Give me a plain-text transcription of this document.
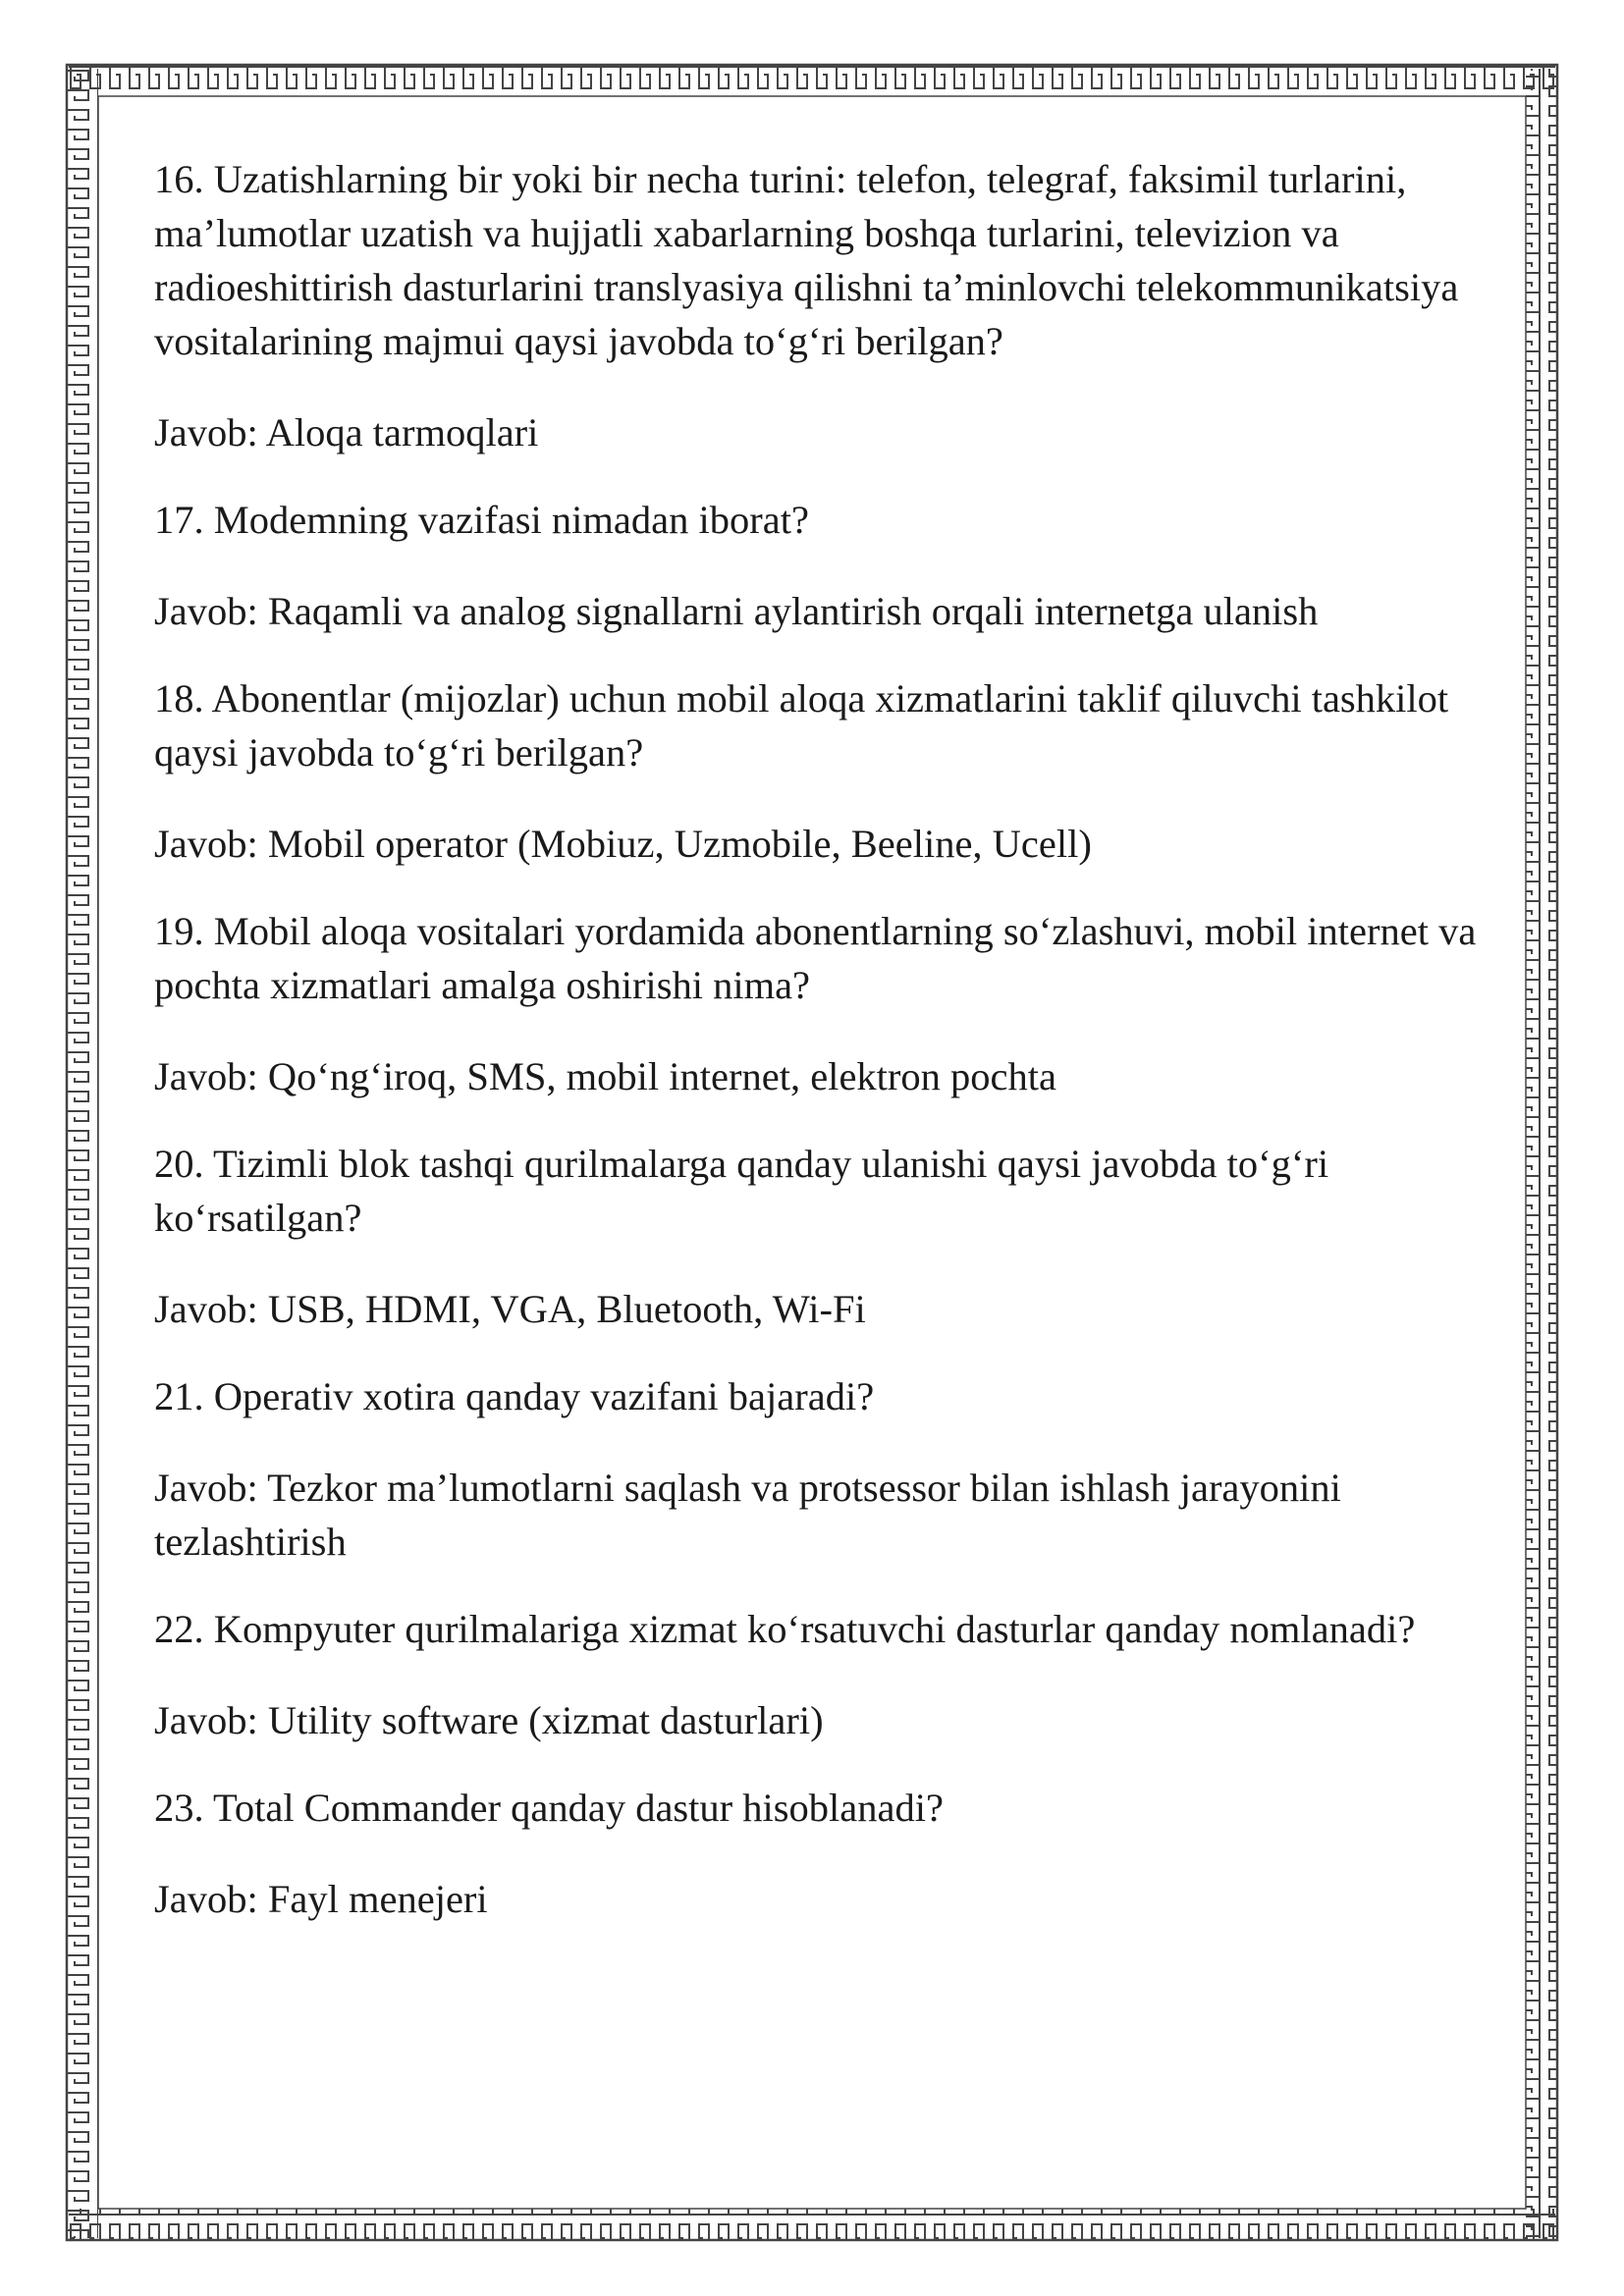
16. Uzatishlarning bir yoki bir necha turini: telefon, telegraf, faksimil turlarini, ma’lumotlar uzatish va hujjatli xabarlarning boshqa turlarini, televizion va radioeshittirish dasturlarini translyasiya qilishni ta’minlovchi telekommunikatsiya vositalarining majmui qaysi javobda to‘g‘ri berilgan?

Javob: Aloqa tarmoqlari

17. Modemning vazifasi nimadan iborat?

Javob: Raqamli va analog signallarni aylantirish orqali internetga ulanish

18. Abonentlar (mijozlar) uchun mobil aloqa xizmatlarini taklif qiluvchi tashkilot qaysi javobda to‘g‘ri berilgan?

Javob: Mobil operator (Mobiuz, Uzmobile, Beeline, Ucell)

19. Mobil aloqa vositalari yordamida abonentlarning so‘zlashuvi, mobil internet va pochta xizmatlari amalga oshirishi nima?

Javob: Qo‘ng‘iroq, SMS, mobil internet, elektron pochta

20. Tizimli blok tashqi qurilmalarga qanday ulanishi qaysi javobda to‘g‘ri ko‘rsatilgan?

Javob: USB, HDMI, VGA, Bluetooth, Wi-Fi

21. Operativ xotira qanday vazifani bajaradi?

Javob: Tezkor ma’lumotlarni saqlash va protsessor bilan ishlash jarayonini tezlashtirish

22. Kompyuter qurilmalariga xizmat ko‘rsatuvchi dasturlar qanday nomlanadi?

Javob: Utility software (xizmat dasturlari)

23. Total Commander qanday dastur hisoblanadi?

Javob: Fayl menejeri
